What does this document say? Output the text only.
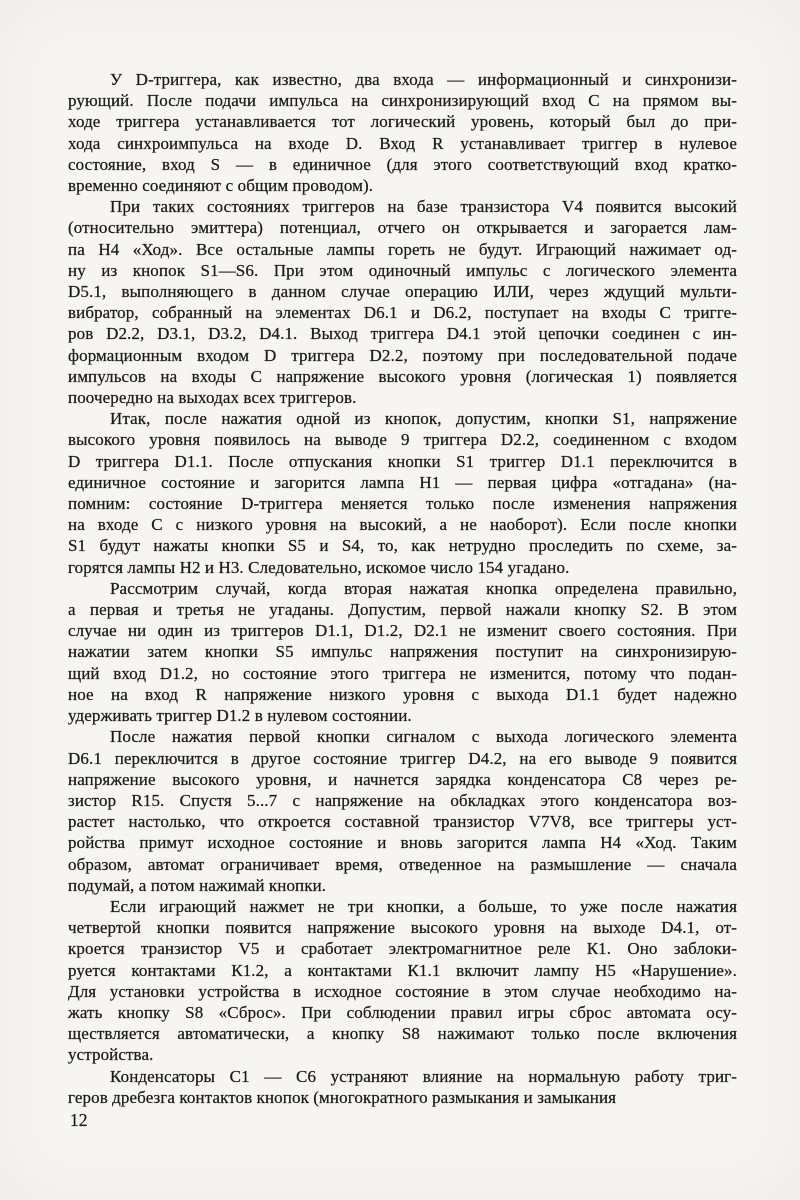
У D-триггера, как известно, два входа — информационный и синхронизи-
рующий. После подачи импульса на синхронизирующий вход С на прямом вы-
ходе триггера устанавливается тот логический уровень, который был до при-
хода синхроимпульса на входе D. Вход R устанавливает триггер в нулевое
состояние, вход S — в единичное (для этого соответствующий вход кратко-
временно соединяют с общим проводом).
При таких состояниях триггеров на базе транзистора V4 появится высокий
(относительно эмиттера) потенциал, отчего он открывается и загорается лам-
па Н4 «Ход». Все остальные лампы гореть не будут. Играющий нажимает од-
ну из кнопок S1—S6. При этом одиночный импульс с логического элемента
D5.1, выполняющего в данном случае операцию ИЛИ, через ждущий мульти-
вибратор, собранный на элементах D6.1 и D6.2, поступает на входы С тригге-
ров D2.2, D3.1, D3.2, D4.1. Выход триггера D4.1 этой цепочки соединен с ин-
формационным входом D триггера D2.2, поэтому при последовательной подаче
импульсов на входы С напряжение высокого уровня (логическая 1) появляется
поочередно на выходах всех триггеров.
Итак, после нажатия одной из кнопок, допустим, кнопки S1, напряжение
высокого уровня появилось на выводе 9 триггера D2.2, соединенном с входом
D триггера D1.1. После отпускания кнопки S1 триггер D1.1 переключится в
единичное состояние и загорится лампа Н1 — первая цифра «отгадана» (на-
помним: состояние D-триггера меняется только после изменения напряжения
на входе С с низкого уровня на высокий, а не наоборот). Если после кнопки
S1 будут нажаты кнопки S5 и S4, то, как нетрудно проследить по схеме, за-
горятся лампы Н2 и Н3. Следовательно, искомое число 154 угадано.
Рассмотрим случай, когда вторая нажатая кнопка определена правильно,
а первая и третья не угаданы. Допустим, первой нажали кнопку S2. В этом
случае ни один из триггеров D1.1, D1.2, D2.1 не изменит своего состояния. При
нажатии затем кнопки S5 импульс напряжения поступит на синхронизирую-
щий вход D1.2, но состояние этого триггера не изменится, потому что подан-
ное на вход R напряжение низкого уровня с выхода D1.1 будет надежно
удерживать триггер D1.2 в нулевом состоянии.
После нажатия первой кнопки сигналом с выхода логического элемента
D6.1 переключится в другое состояние триггер D4.2, на его выводе 9 появится
напряжение высокого уровня, и начнется зарядка конденсатора С8 через ре-
зистор R15. Спустя 5...7 с напряжение на обкладках этого конденсатора воз-
растет настолько, что откроется составной транзистор V7V8, все триггеры уст-
ройства примут исходное состояние и вновь загорится лампа Н4 «Ход. Таким
образом, автомат ограничивает время, отведенное на размышление — сначала
подумай, а потом нажимай кнопки.
Если играющий нажмет не три кнопки, а больше, то уже после нажатия
четвертой кнопки появится напряжение высокого уровня на выходе D4.1, от-
кроется транзистор V5 и сработает электромагнитное реле К1. Оно заблоки-
руется контактами К1.2, а контактами К1.1 включит лампу Н5 «Нарушение».
Для установки устройства в исходное состояние в этом случае необходимо на-
жать кнопку S8 «Сброс». При соблюдении правил игры сброс автомата осу-
ществляется автоматически, а кнопку S8 нажимают только после включения
устройства.
Конденсаторы С1 — С6 устраняют влияние на нормальную работу триг-
геров дребезга контактов кнопок (многократного размыкания и замыкания
12
